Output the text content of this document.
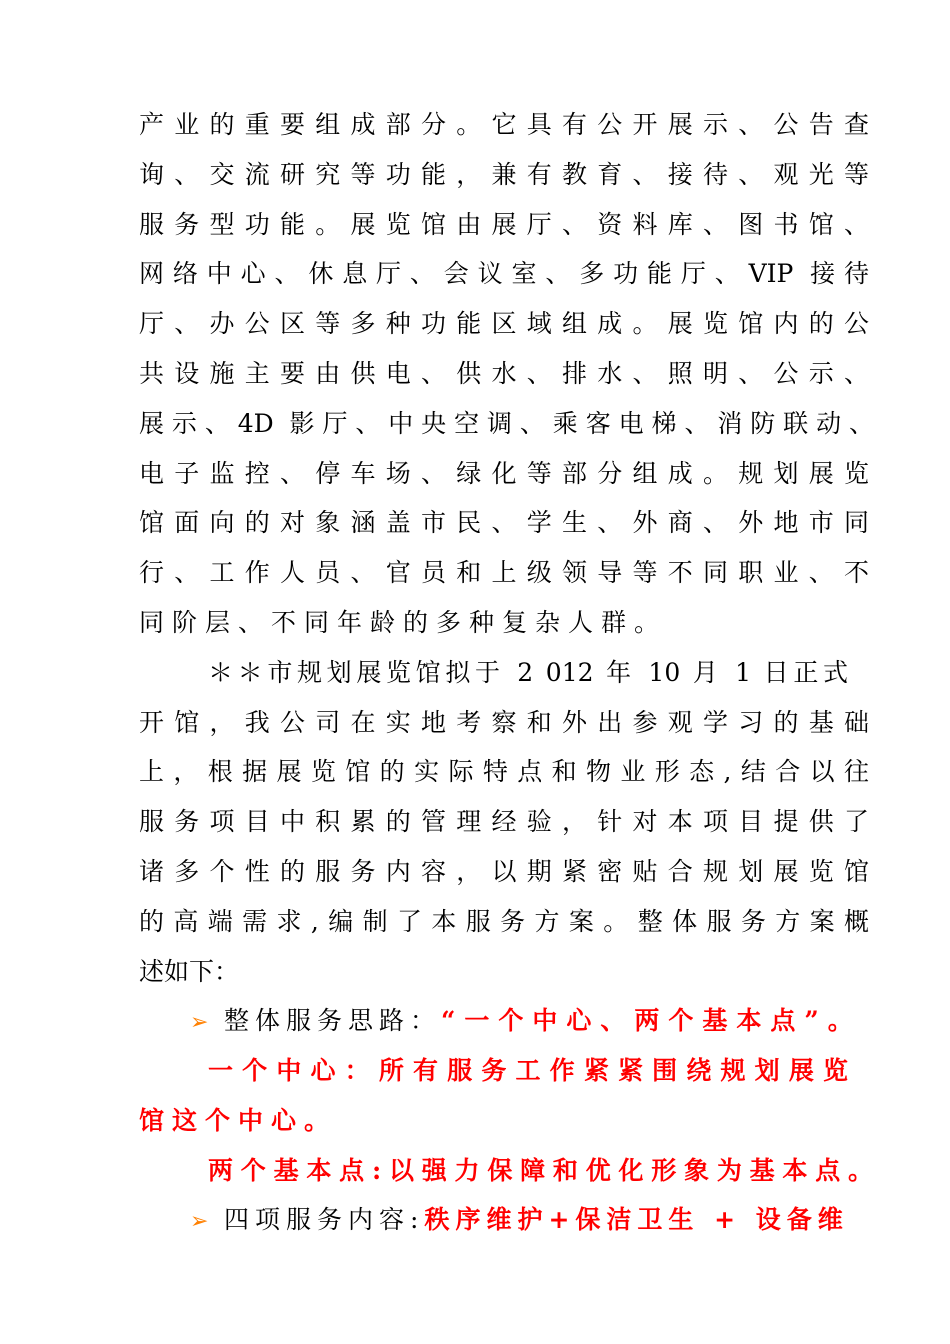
产业的重要组成部分。它具有公开展示、公告查
询、交流研究等功能，兼有教育、接待、观光等
服务型功能。展览馆由展厅、资料库、图书馆、
网络中心、休息厅、会议室、多功能厅、VIP 接待
厅、办公区等多种功能区域组成。展览馆内的公
共设施主要由供电、供水、排水、照明、公示、
展示、4D 影厅、中央空调、乘客电梯、消防联动、
电子监控、停车场、绿化等部分组成。规划展览
馆面向的对象涵盖市民、学生、外商、外地市同
行、工作人员、官员和上级领导等不同职业、不
同阶层、不同年龄的多种复杂人群。
＊＊市规划展览馆拟于 2 012 年 10 月 1 日正式
开馆，我公司在实地考察和外出参观学习的基础
上，根据展览馆的实际特点和物业形态,结合以往
服务项目中积累的管理经验，针对本项目提供了
诸多个性的服务内容，以期紧密贴合规划展览馆
的高端需求,编制了本服务方案。整体服务方案概
述如下：
➢ 整体服务思路：“一个中心、两个基本点”。
一个中心：所有服务工作紧紧围绕规划展览
馆这个中心。
两个基本点:以强力保障和优化形象为基本点。
➢ 四项服务内容:秩序维护+保洁卫生 + 设备维
